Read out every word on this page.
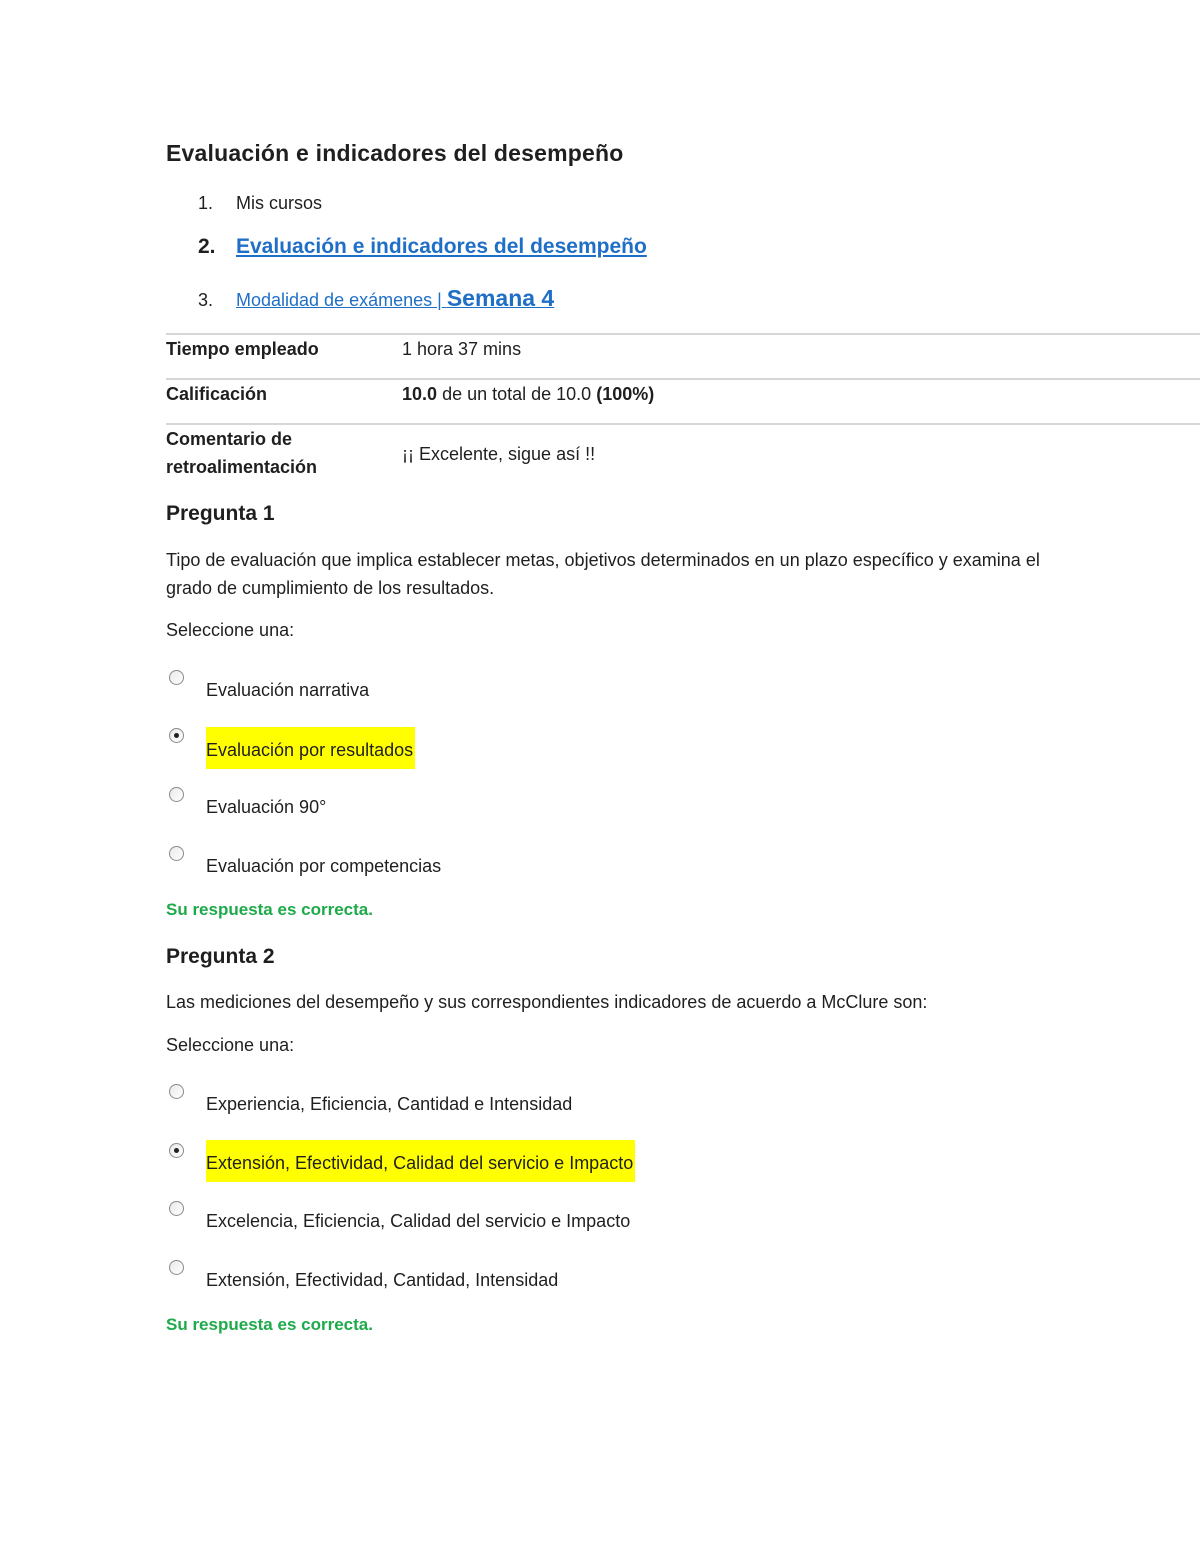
Evaluación e indicadores del desempeño
1. Mis cursos
2. Evaluación e indicadores del desempeño
3. Modalidad de exámenes | Semana 4
Tiempo empleado	1 hora 37 mins
Calificación	10.0 de un total de 10.0 (100%)
Comentario de
retroalimentación
¡¡ Excelente, sigue así !!
Pregunta 1
Tipo de evaluación que implica establecer metas, objetivos determinados en un plazo específico y examina el grado de cumplimiento de los resultados.
Seleccione una:
Evaluación narrativa
Evaluación por resultados
Evaluación 90°
Evaluación por competencias
Su respuesta es correcta.
Pregunta 2
Las mediciones del desempeño y sus correspondientes indicadores de acuerdo a McClure son:
Seleccione una:
Experiencia, Eficiencia, Cantidad e Intensidad
Extensión, Efectividad, Calidad del servicio e Impacto
Excelencia, Eficiencia, Calidad del servicio e Impacto
Extensión, Efectividad, Cantidad, Intensidad
Su respuesta es correcta.
